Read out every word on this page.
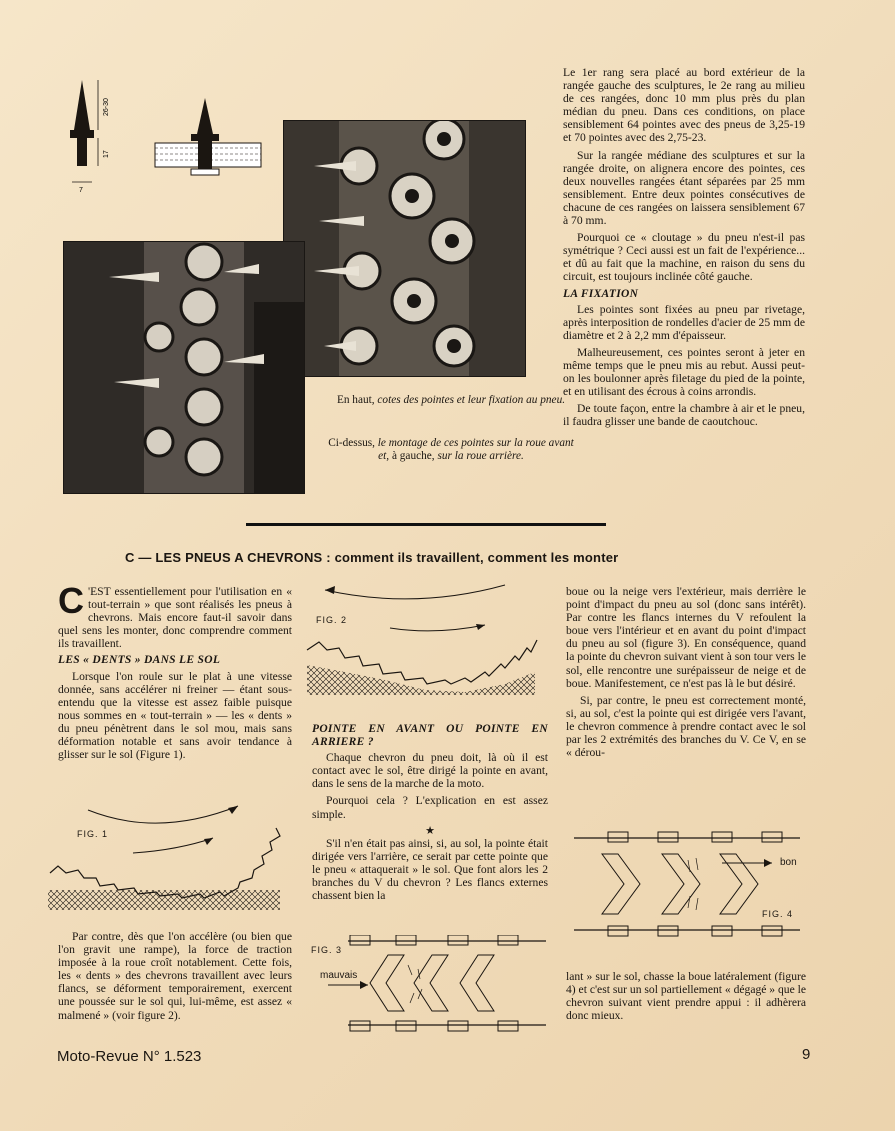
26-30
17
7
En haut, cotes des pointes et leur fixation au pneu.
Ci-dessus, le montage de ces pointes sur la roue avant et, à gauche, sur la roue arrière.

Le 1er rang sera placé au bord extérieur de la rangée gauche des sculptures, le 2e rang au milieu de ces rangées, donc 10 mm plus près du plan médian du pneu. Dans ces conditions, on place sensiblement 64 pointes avec des pneus de 3,25-19 et 70 pointes avec des 2,75-23.

Sur la rangée médiane des sculptures et sur la rangée droite, on alignera encore des pointes, ces deux nouvelles rangées étant séparées par 25 mm sensiblement. Entre deux pointes consécutives de chacune de ces rangées on laissera sensiblement 67 à 70 mm.

Pourquoi ce « cloutage » du pneu n'est-il pas symétrique ? Ceci aussi est un fait de l'expérience... et dû au fait que la machine, en raison du sens du circuit, est toujours inclinée côté gauche.

LA FIXATION

Les pointes sont fixées au pneu par rivetage, après interposition de rondelles d'acier de 25 mm de diamètre et 2 à 2,2 mm d'épaisseur.

Malheureusement, ces pointes seront à jeter en même temps que le pneu mis au rebut. Aussi peut-on les boulonner après filetage du pied de la pointe, et en utilisant des écrous à coins arrondis.

De toute façon, entre la chambre à air et le pneu, il faudra glisser une bande de caoutchouc.

C — LES PNEUS A CHEVRONS : comment ils travaillent, comment les monter

C 'EST essentiellement pour l'utilisation en « tout-terrain » que sont réalisés les pneus à chevrons. Mais encore faut-il savoir dans quel sens les monter, donc comprendre comment ils travaillent.

LES « DENTS » DANS LE SOL

Lorsque l'on roule sur le plat à une vitesse donnée, sans accélérer ni freiner — étant sous-entendu que la vitesse est assez faible puisque nous sommes en « tout-terrain » — les « dents » du pneu pénètrent dans le sol mou, mais sans déformation notable et sans avoir tendance à glisser sur le sol (Figure 1).

FIG. 1

Par contre, dès que l'on accélère (ou bien que l'on gravit une rampe), la force de traction imposée à la roue croît notablement. Cette fois, les « dents » des chevrons travaillent avec leurs flancs, se déforment temporairement, exercent une poussée sur le sol qui, lui-même, est assez « malmené » (voir figure 2).

FIG. 2
POINTE EN AVANT OU POINTE EN ARRIERE ?

Chaque chevron du pneu doit, là où il est contact avec le sol, être dirigé la pointe en avant, dans le sens de la marche de la moto.

Pourquoi cela ? L'explication en est assez simple.

★

S'il n'en était pas ainsi, si, au sol, la pointe était dirigée vers l'arrière, ce serait par cette pointe que le pneu « attaquerait » le sol. Que font alors les 2 branches du V du chevron ? Les flancs externes chassent bien la

FIG. 3
mauvais

boue ou la neige vers l'extérieur, mais derrière le point d'impact du pneu au sol (donc sans intérêt). Par contre les flancs internes du V refoulent la boue vers l'intérieur et en avant du point d'impact du pneu au sol (figure 3). En conséquence, quand la pointe du chevron suivant vient à son tour vers le sol, elle rencontre une surépaisseur de neige et de boue. Manifestement, ce n'est pas là le but désiré.

Si, par contre, le pneu est correctement monté, si, au sol, c'est la pointe qui est dirigée vers l'avant, le chevron commence à prendre contact avec le sol par les 2 extrémités des branches du V. Ce V, en se « dérou-

bon
FIG. 4

lant » sur le sol, chasse la boue latéralement (figure 4) et c'est sur un sol partiellement « dégagé » que le chevron suivant vient prendre appui : il adhèrera donc mieux.

Moto-Revue N° 1.523	9
